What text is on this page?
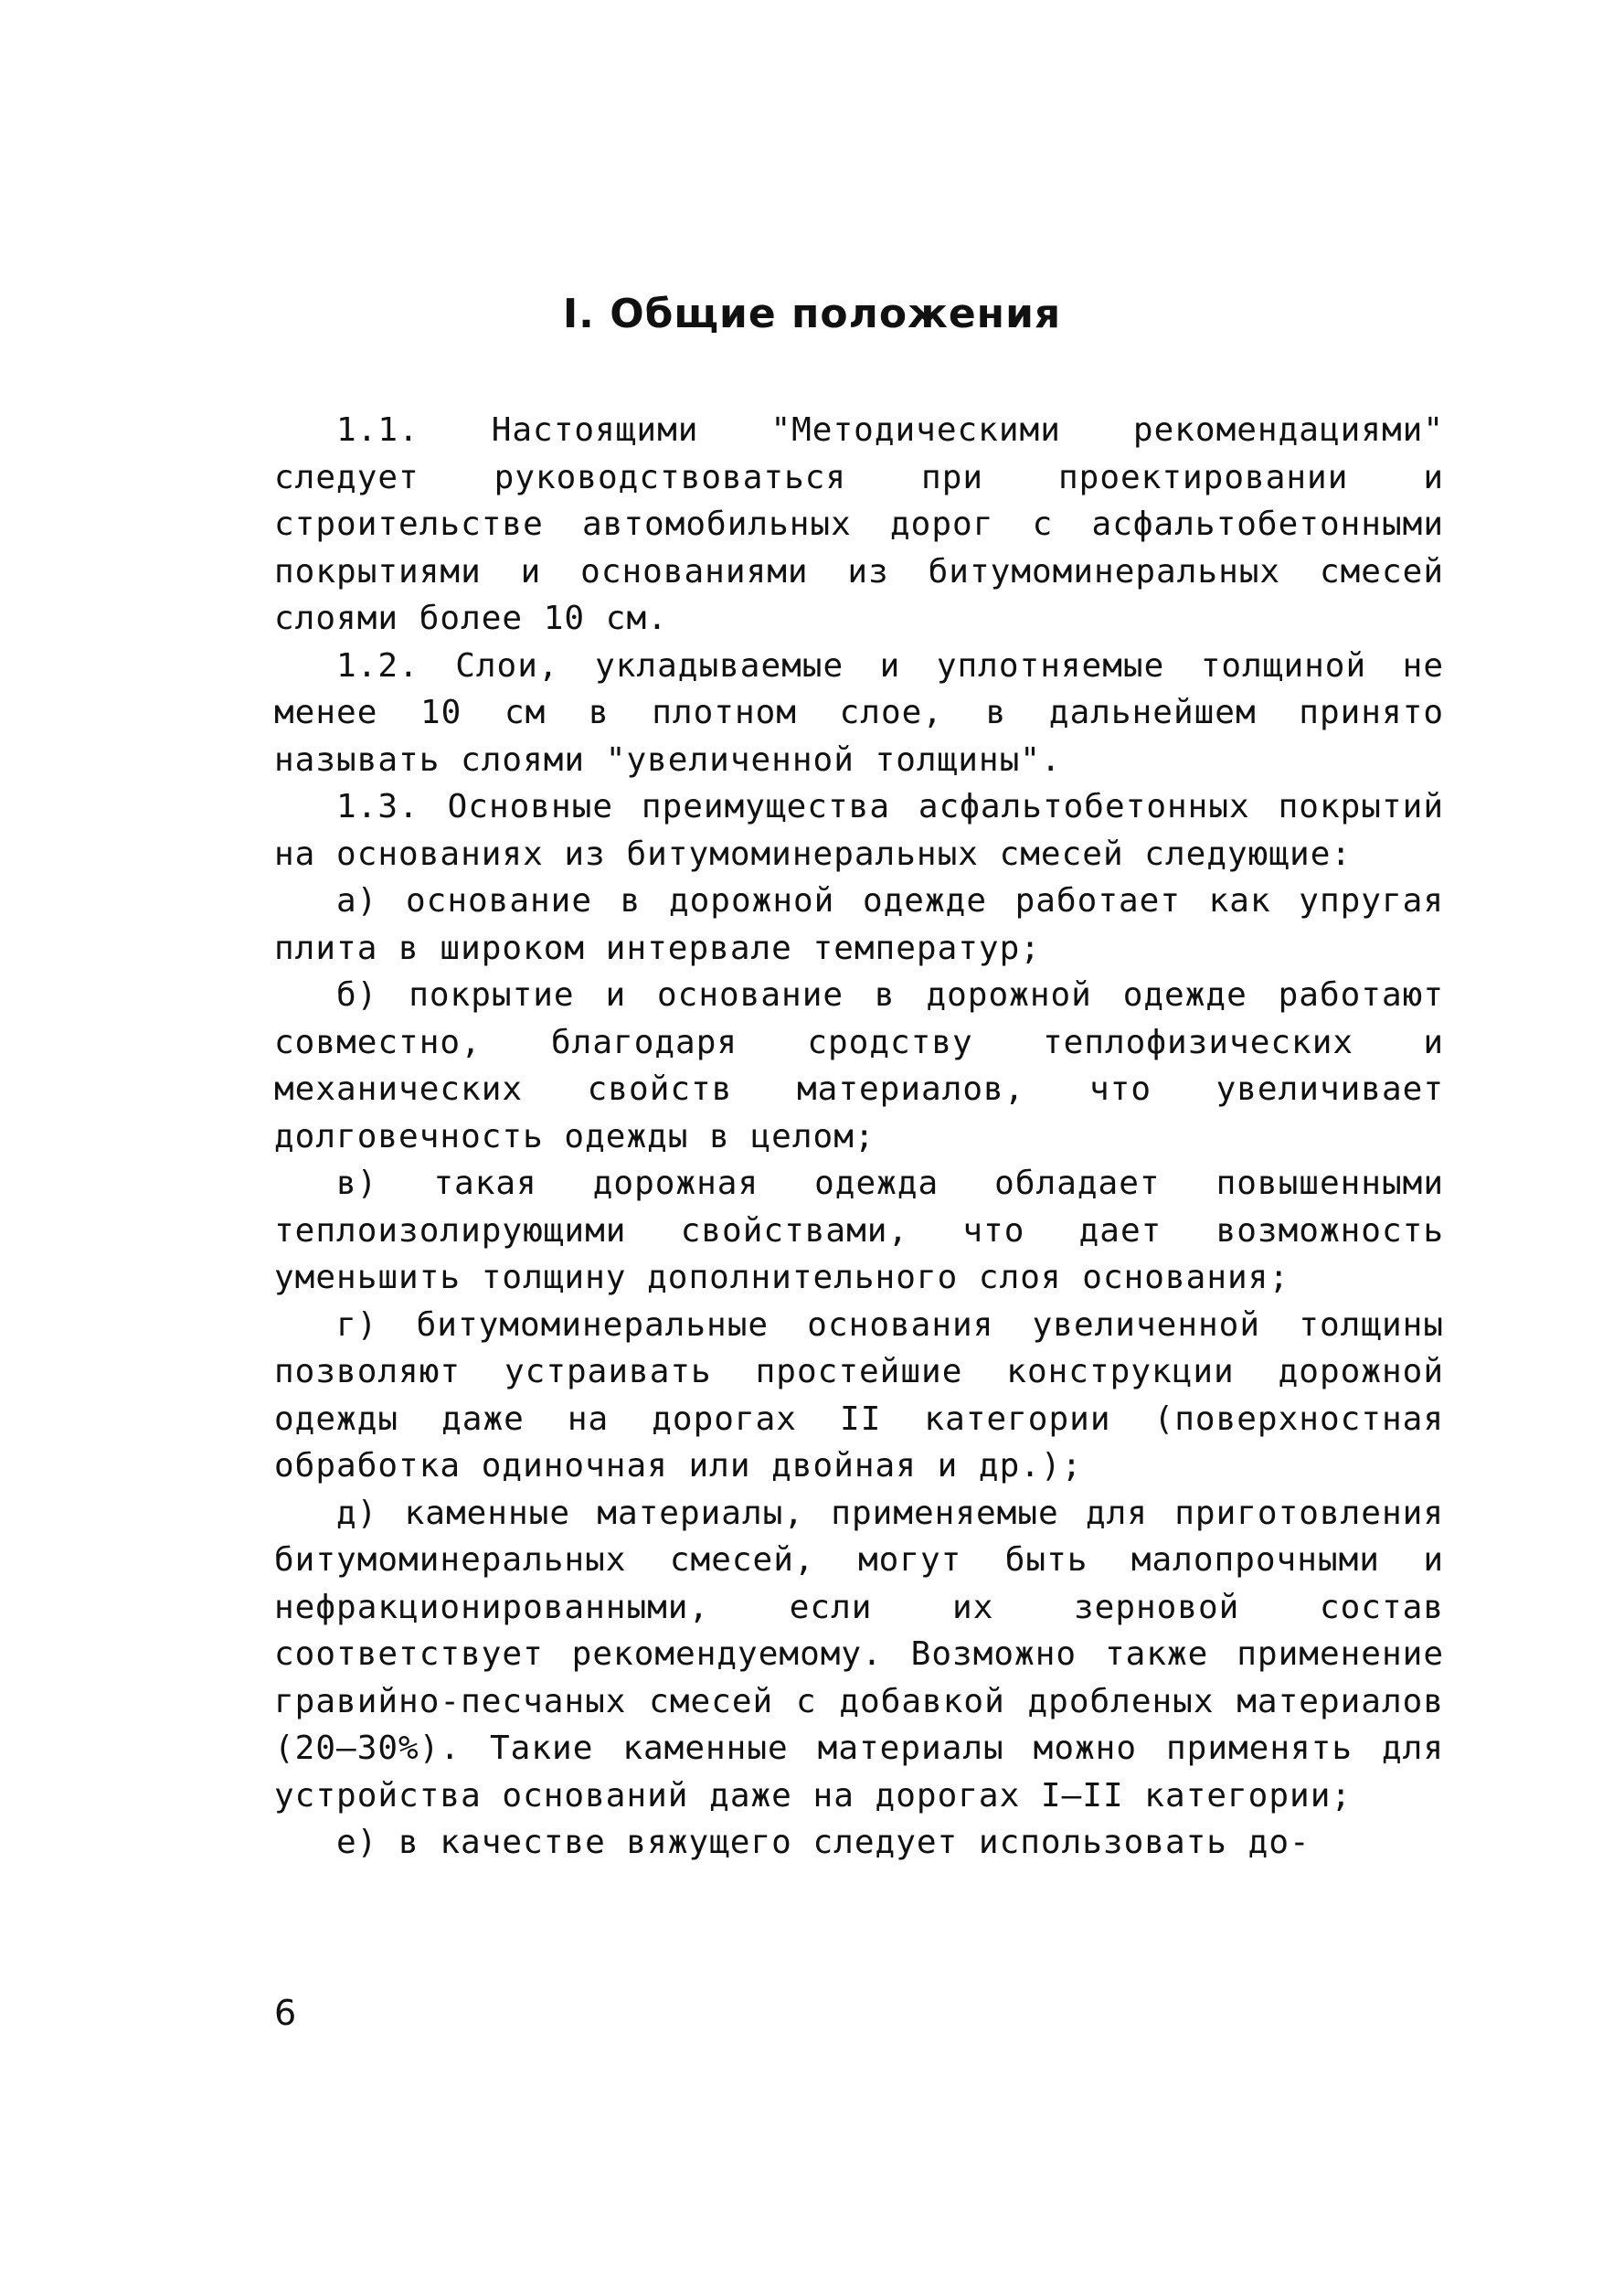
I. Общие положения

1.1. Настоящими "Методическими рекомендациями" следует руководствоваться при проектировании и строительстве автомобильных дорог с асфальтобетонными покрытиями и основаниями из битумоминеральных смесей слоями более 10 см.

1.2. Слои, укладываемые и уплотняемые толщиной не менее 10 см в плотном слое, в дальнейшем принято называть слоями "увеличенной толщины".

1.3. Основные преимущества асфальтобетонных покрытий на основаниях из битумоминеральных смесей следующие:

а) основание в дорожной одежде работает как упругая плита в широком интервале температур;

б) покрытие и основание в дорожной одежде работают совместно, благодаря сродству теплофизических и механических свойств материалов, что увеличивает долговечность одежды в целом;

в) такая дорожная одежда обладает повышенными теплоизолирующими свойствами, что дает возможность уменьшить толщину дополнительного слоя основания;

г) битумоминеральные основания увеличенной толщины позволяют устраивать простейшие конструкции дорожной одежды даже на дорогах II категории (поверхностная обработка одиночная или двойная и др.);

д) каменные материалы, применяемые для приготовления битумоминеральных смесей, могут быть малопрочными и нефракционированными, если их зерновой состав соответствует рекомендуемому. Возможно также применение гравийно-песчаных смесей с добавкой дробленых материалов (20–30%). Такие каменные материалы можно применять для устройства оснований даже на дорогах I–II категории;

е) в качестве вяжущего следует использовать до-

6
